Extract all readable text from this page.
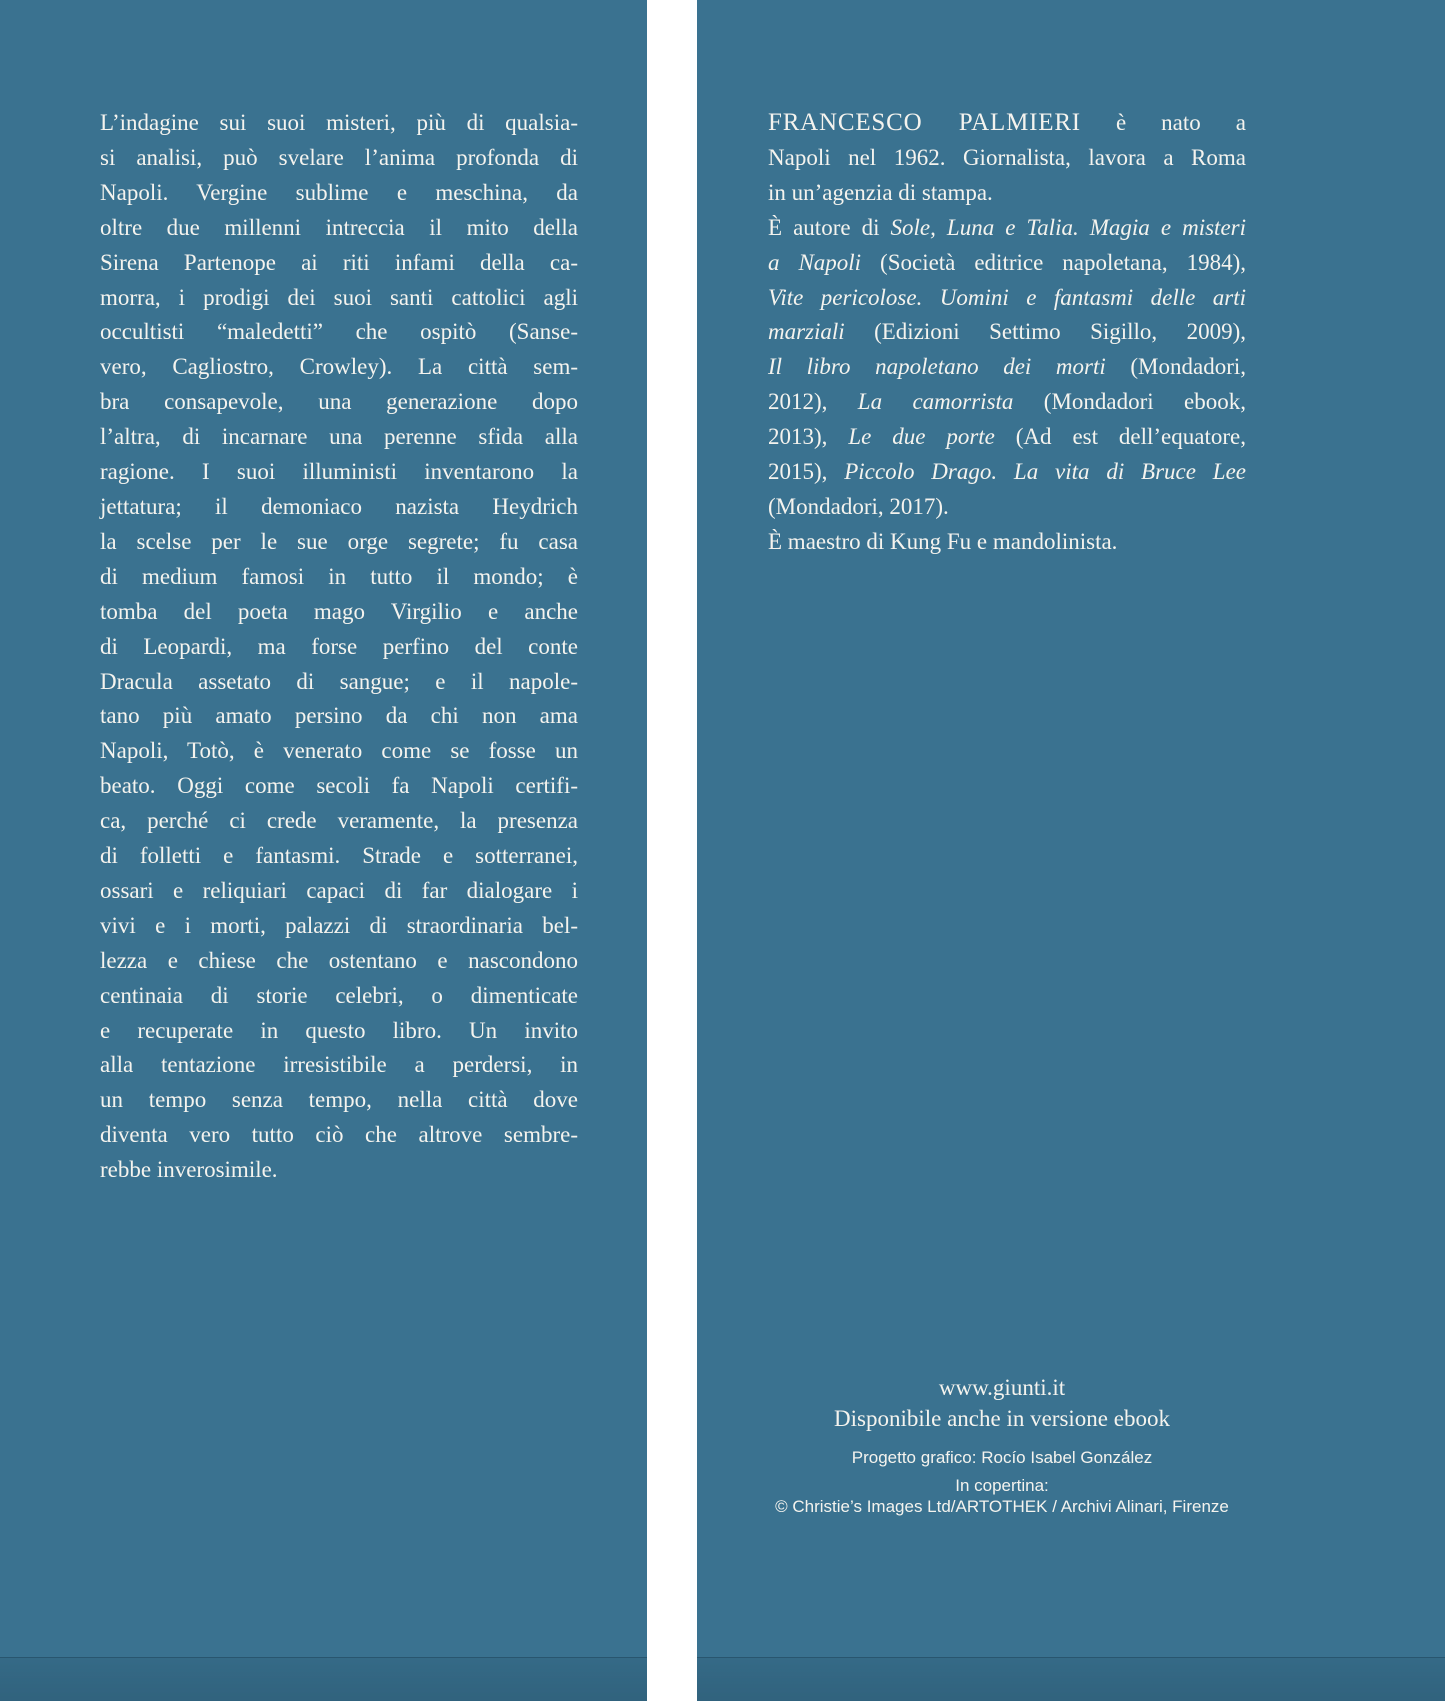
L’indagine sui suoi misteri, più di qualsia-
si analisi, può svelare l’anima profonda di
Napoli. Vergine sublime e meschina, da
oltre due millenni intreccia il mito della
Sirena Partenope ai riti infami della ca-
morra, i prodigi dei suoi santi cattolici agli
occultisti “maledetti” che ospitò (Sanse-
vero, Cagliostro, Crowley). La città sem-
bra consapevole, una generazione dopo
l’altra, di incarnare una perenne sfida alla
ragione. I suoi illuministi inventarono la
jettatura; il demoniaco nazista Heydrich
la scelse per le sue orge segrete; fu casa
di medium famosi in tutto il mondo; è
tomba del poeta mago Virgilio e anche
di Leopardi, ma forse perfino del conte
Dracula assetato di sangue; e il napole-
tano più amato persino da chi non ama
Napoli, Totò, è venerato come se fosse un
beato. Oggi come secoli fa Napoli certifi-
ca, perché ci crede veramente, la presenza
di folletti e fantasmi. Strade e sotterranei,
ossari e reliquiari capaci di far dialogare i
vivi e i morti, palazzi di straordinaria bel-
lezza e chiese che ostentano e nascondono
centinaia di storie celebri, o dimenticate
e recuperate in questo libro. Un invito
alla tentazione irresistibile a perdersi, in
un tempo senza tempo, nella città dove
diventa vero tutto ciò che altrove sembre-
rebbe inverosimile.
FRANCESCO PALMIERI è nato a
Napoli nel 1962. Giornalista, lavora a Roma
in un’agenzia di stampa.
È autore di Sole, Luna e Talia. Magia e misteri
a Napoli (Società editrice napoletana, 1984),
Vite pericolose. Uomini e fantasmi delle arti
marziali (Edizioni Settimo Sigillo, 2009),
Il libro napoletano dei morti (Mondadori,
2012), La camorrista (Mondadori ebook,
2013), Le due porte (Ad est dell’equatore,
2015), Piccolo Drago. La vita di Bruce Lee
(Mondadori, 2017).
È maestro di Kung Fu e mandolinista.
www.giunti.it
Disponibile anche in versione ebook
Progetto grafico: Rocío Isabel González
In copertina:
© Christie’s Images Ltd/ARTOTHEK / Archivi Alinari, Firenze
